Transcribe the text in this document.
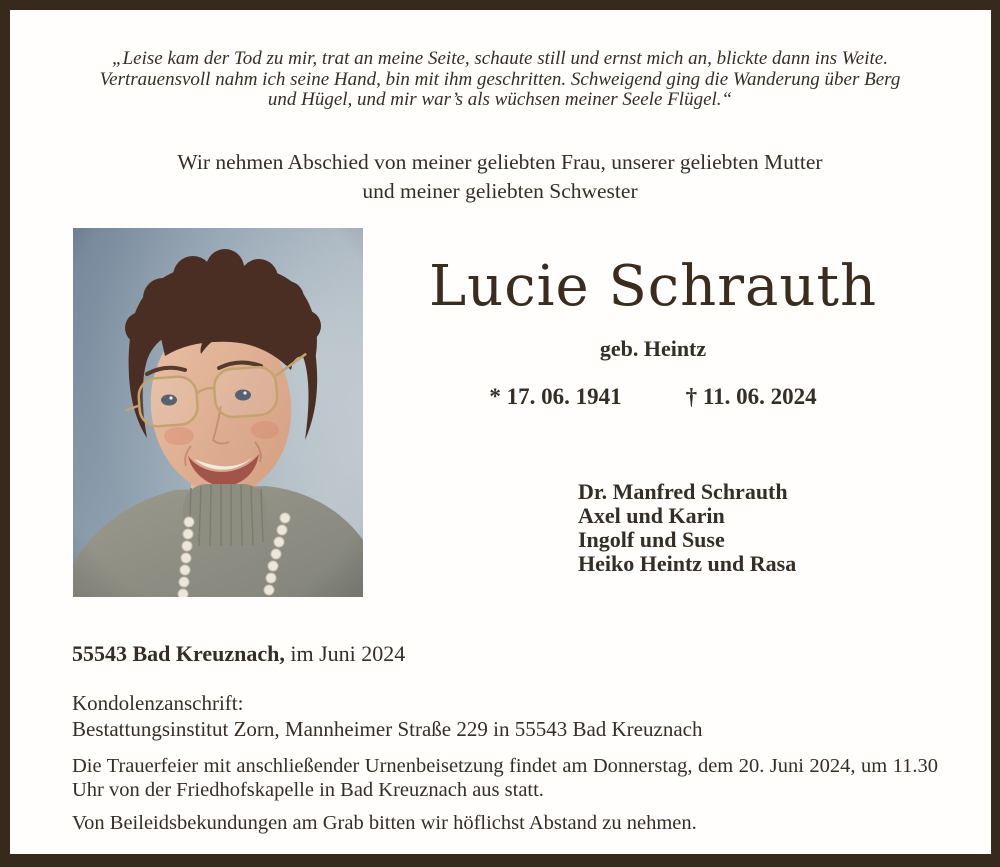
„Leise kam der Tod zu mir, trat an meine Seite, schaute still und ernst mich an, blickte dann ins Weite.
Vertrauensvoll nahm ich seine Hand, bin mit ihm geschritten. Schweigend ging die Wanderung über Berg
und Hügel, und mir war’s als wüchsen meiner Seele Flügel.“
Wir nehmen Abschied von meiner geliebten Frau, unserer geliebten Mutter
und meiner geliebten Schwester
Lucie Schrauth
geb. Heintz
* 17. 06. 1941	† 11. 06. 2024
Dr. Manfred Schrauth
Axel und Karin
Ingolf und Suse
Heiko Heintz und Rasa
55543 Bad Kreuznach, im Juni 2024
Kondolenzanschrift:
Bestattungsinstitut Zorn, Mannheimer Straße 229 in 55543 Bad Kreuznach
Die Trauerfeier mit anschließender Urnenbeisetzung findet am Donnerstag, dem 20. Juni 2024, um 11.30 Uhr von der Friedhofskapelle in Bad Kreuznach aus statt.
Von Beileidsbekundungen am Grab bitten wir höflichst Abstand zu nehmen.
